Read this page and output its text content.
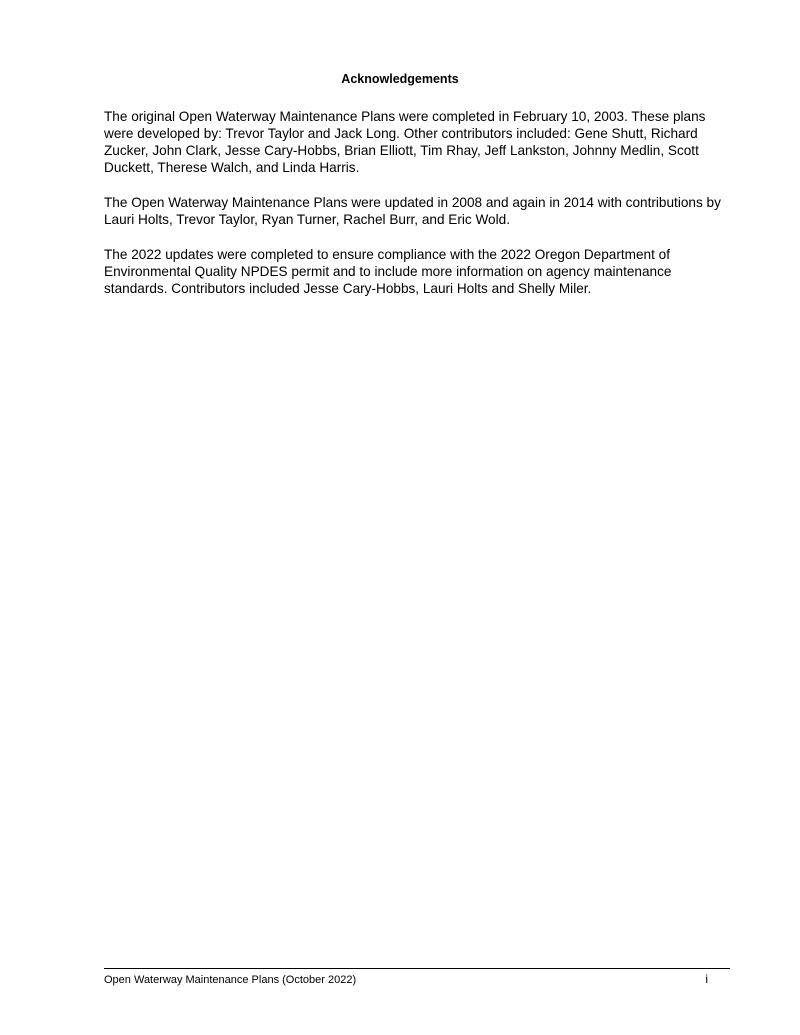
Acknowledgements

The original Open Waterway Maintenance Plans were completed in February 10, 2003. These plans were developed by: Trevor Taylor and Jack Long. Other contributors included: Gene Shutt, Richard Zucker, John Clark, Jesse Cary-Hobbs, Brian Elliott, Tim Rhay, Jeff Lankston, Johnny Medlin, Scott Duckett, Therese Walch, and Linda Harris.

The Open Waterway Maintenance Plans were updated in 2008 and again in 2014 with contributions by Lauri Holts, Trevor Taylor, Ryan Turner, Rachel Burr, and Eric Wold.

The 2022 updates were completed to ensure compliance with the 2022 Oregon Department of Environmental Quality NPDES permit and to include more information on agency maintenance standards. Contributors included Jesse Cary-Hobbs, Lauri Holts and Shelly Miler.

Open Waterway Maintenance Plans (October 2022)	i
